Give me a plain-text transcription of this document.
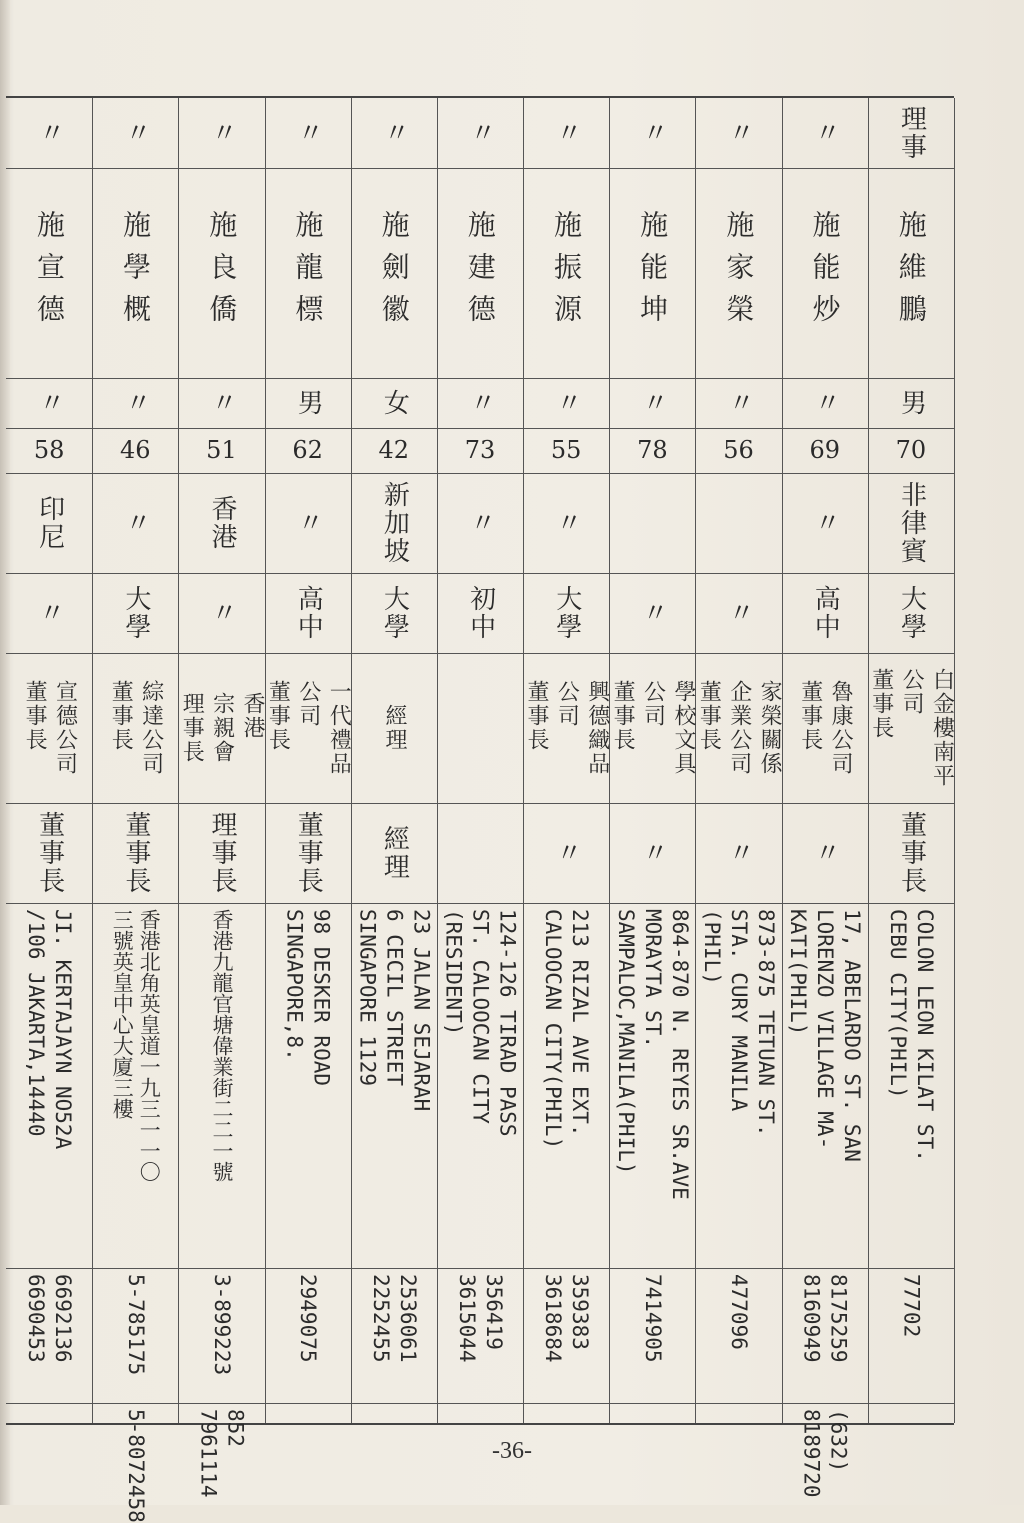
理事
施維鵬
男
70
非律賓
大學
白金樓南平
公司
董事長
董事長
COLON LEON KILAT ST.
CEBU CITY(PHIL)
77702
〃
施能炒
〃
69
〃
高中
魯康公司
董事長
〃
17, ABELARDO ST. SAN
LORENZO VILLAGE MA-
KATI(PHIL)
8175259
8160949
(632)
8189720
〃
施家榮
〃
56
〃
家榮關係
企業公司
董事長
〃
873-875 TETUAN ST.
STA. CURY MANILA
(PHIL)
477096
〃
施能坤
〃
78
〃
學校文具
公司
董事長
〃
864-870 N. REYES SR.AVE
MORAYTA ST.
SAMPALOC,MANILA(PHIL)
7414905
〃
施振源
〃
55
〃
大學
興德織品
公司
董事長
〃
213 RIZAL AVE EXT.
CALOOCAN CITY(PHIL)
359383
3618684
〃
施建德
〃
73
〃
初中
124-126 TIRAD PASS
ST. CALOOCAN CITY
(RESIDENT)
356419
3615044
〃
施劍徽
女
42
新加坡
大學
經理
經理
23 JALAN SEJARAH
6 CECIL STREET
SINGAPORE 1129
2536061
2252455
〃
施龍標
男
62
〃
高中
一代禮品
公司
董事長
董事長
98 DESKER ROAD
SINGAPORE,8.
2949075
〃
施良僑
〃
51
香港
〃
香港
宗親會
理事長
理事長
香港九龍官塘偉業街二二一號
3-899223
852
7961114
〃
施學概
〃
46
〃
大學
綜達公司
董事長
董事長
香港北角英皇道一九三一一〇
三號英皇中心大廈三樓
5-785175
5-8072458
〃
施宣德
〃
58
印尼
〃
宣德公司
董事長
董事長
JI. KERTAJAYN NO52A
/106 JAKARTA,14440
6692136
6690453
-36-
